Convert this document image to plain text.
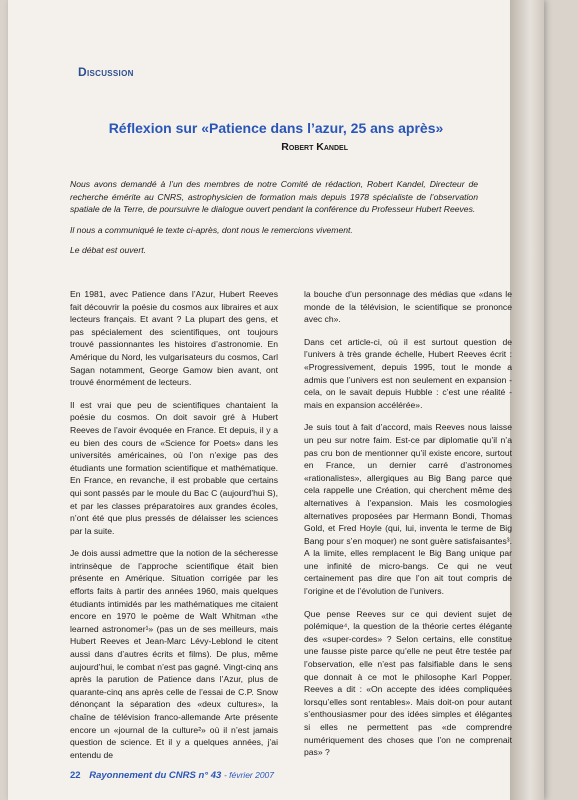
Discussion
Réflexion sur «Patience dans l’azur, 25 ans après»
Robert Kandel

Nous avons demandé à l’un des membres de notre Comité de rédaction, Robert Kandel, Directeur de recherche émérite au CNRS, astrophysicien de formation mais depuis 1978 spécialiste de l’observation spatiale de la Terre, de poursuivre le dialogue ouvert pendant la conférence du Professeur Hubert Reeves.

Il nous a communiqué le texte ci-après, dont nous le remercions vivement.

Le débat est ouvert.

En 1981, avec Patience dans l’Azur, Hubert Reeves fait découvrir la poésie du cosmos aux libraires et aux lecteurs français. Et avant ? La plupart des gens, et pas spécialement des scientifiques, ont toujours trouvé passionnantes les histoires d’astronomie. En Amérique du Nord, les vulgarisateurs du cosmos, Carl Sagan notamment, George Gamow bien avant, ont trouvé énormément de lecteurs.

Il est vrai que peu de scientifiques chantaient la poésie du cosmos. On doit savoir gré à Hubert Reeves de l’avoir évoquée en France. Et depuis, il y a eu bien des cours de «Science for Poets» dans les universités américaines, où l’on n’exige pas des étudiants une formation scientifique et mathématique. En France, en revanche, il est probable que certains qui sont passés par le moule du Bac C (aujourd’hui S), et par les classes préparatoires aux grandes écoles, n’ont été que plus pressés de délaisser les sciences par la suite.

Je dois aussi admettre que la notion de la sécheresse intrinsèque de l’approche scientifique était bien présente en Amérique. Situation corrigée par les efforts faits à partir des années 1960, mais quelques étudiants intimidés par les mathématiques me citaient encore en 1970 le poème de Walt Whitman «the learned astronomer¹» (pas un de ses meilleurs, mais Hubert Reeves et Jean-Marc Lévy-Leblond le citent aussi dans d’autres écrits et films). De plus, même aujourd’hui, le combat n’est pas gagné. Vingt-cinq ans après la parution de Patience dans l’Azur, plus de quarante-cinq ans après celle de l’essai de C.P. Snow dénonçant la séparation des «deux cultures», la chaîne de télévision franco-allemande Arte présente encore un «journal de la culture²» où il n’est jamais question de science. Et il y a quelques années, j’ai entendu de

la bouche d’un personnage des médias que «dans le monde de la télévision, le scientifique se prononce avec ch».

Dans cet article-ci, où il est surtout question de l’univers à très grande échelle, Hubert Reeves écrit : «Progressivement, depuis 1995, tout le monde a admis que l’univers est non seulement en expansion - cela, on le savait depuis Hubble : c’est une réalité - mais en expansion accélérée».

Je suis tout à fait d’accord, mais Reeves nous laisse un peu sur notre faim. Est-ce par diplomatie qu’il n’a pas cru bon de mentionner qu’il existe encore, surtout en France, un dernier carré d’astronomes «rationalistes», allergiques au Big Bang parce que cela rappelle une Création, qui cherchent même des alternatives à l’expansion. Mais les cosmologies alternatives proposées par Hermann Bondi, Thomas Gold, et Fred Hoyle (qui, lui, inventa le terme de Big Bang pour s’en moquer) ne sont guère satisfaisantes³. A la limite, elles remplacent le Big Bang unique par une infinité de micro-bangs. Ce qui ne veut certainement pas dire que l’on ait tout compris de l’origine et de l’évolution de l’univers.

Que pense Reeves sur ce qui devient sujet de polémique⁴, la question de la théorie certes élégante des «super-cordes» ? Selon certains, elle constitue une fausse piste parce qu’elle ne peut être testée par l’observation, elle n’est pas falsifiable dans le sens que donnait à ce mot le philosophe Karl Popper. Reeves a dit : «On accepte des idées compliquées lorsqu’elles sont rentables». Mais doit-on pour autant s’enthousiasmer pour des idées simples et élégantes si elles ne permettent pas «de comprendre numériquement des choses que l’on ne comprenait pas» ?

22 Rayonnement du CNRS n° 43 - février 2007
